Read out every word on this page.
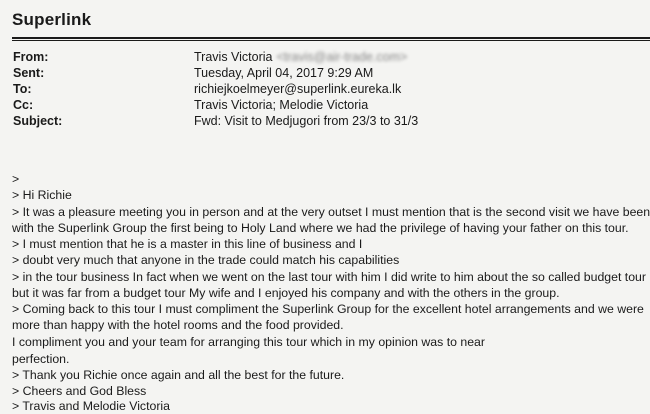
Superlink
From:	Travis Victoria <travis@air-trade.com>
Sent:	Tuesday, April 04, 2017 9:29 AM
To:	richiejkoelmeyer@superlink.eureka.lk
Cc:	Travis Victoria; Melodie Victoria
Subject:	Fwd: Visit to Medjugori from 23/3 to 31/3
>
> Hi Richie
> It was a pleasure meeting you in person and at the very outset I must mention that is the second visit we have been
with the Superlink Group the first being to Holy Land where we had the privilege of having your father on this tour.
> I must mention that he is a master in this line of business and I
> doubt very much that anyone in the trade could match his capabilities
> in the tour business In fact when we went on the last tour with him I did write to him about the so called budget tour
but it was far from a budget tour My wife and I enjoyed his company and with the others in the group.
> Coming back to this tour I must compliment the Superlink Group for the excellent hotel arrangements and we were
more than happy with the hotel rooms and the food provided.
I compliment you and your team for arranging this tour which in my opinion was to near
perfection.
> Thank you Richie once again and all the best for the future.
> Cheers and God Bless
> Travis and Melodie Victoria
